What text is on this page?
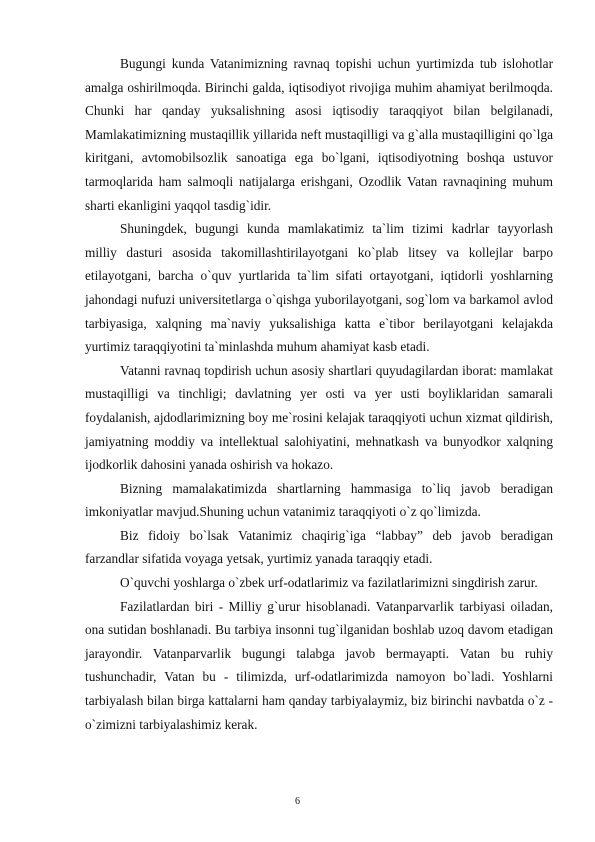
Bugungi kunda Vatanimizning ravnaq topishi uchun yurtimizda tub islohotlar amalga oshirilmoqda. Birinchi galda, iqtisodiyot rivojiga muhim ahamiyat berilmoqda. Chunki har qanday yuksalishning asosi iqtisodiy taraqqiyot bilan belgilanadi, Mamlakatimizning mustaqillik yillarida neft mustaqilligi va g`alla mustaqilligini qo`lga kiritgani, avtomobilsozlik sanoatiga ega bo`lgani, iqtisodiyotning boshqa ustuvor tarmoqlarida ham salmoqli natijalarga erishgani, Ozodlik Vatan ravnaqining muhum sharti ekanligini yaqqol tasdig`idir.

Shuningdek, bugungi kunda mamlakatimiz ta`lim tizimi kadrlar tayyorlash milliy dasturi asosida takomillashtirilayotgani ko`plab litsey va kollejlar barpo etilayotgani, barcha o`quv yurtlarida ta`lim sifati ortayotgani, iqtidorli yoshlarning jahondagi nufuzi universitetlarga o`qishga yuborilayotgani, sog`lom va barkamol avlod tarbiyasiga, xalqning ma`naviy yuksalishiga katta e`tibor berilayotgani kelajakda yurtimiz taraqqiyotini ta`minlashda muhum ahamiyat kasb etadi.

Vatanni ravnaq topdirish uchun asosiy shartlari quyudagilardan iborat: mamlakat mustaqilligi va tinchligi; davlatning yer osti va yer usti boyliklaridan samarali foydalanish, ajdodlarimizning boy me`rosini kelajak taraqqiyoti uchun xizmat qildirish, jamiyatning moddiy va intellektual salohiyatini, mehnatkash va bunyodkor xalqning ijodkorlik dahosini yanada oshirish va hokazo.

Bizning mamalakatimizda shartlarning hammasiga to`liq javob beradigan imkoniyatlar mavjud.Shuning uchun vatanimiz taraqqiyoti o`z qo`limizda.

Biz fidoiy bo`lsak Vatanimiz chaqirig`iga “labbay” deb javob beradigan farzandlar sifatida voyaga yetsak, yurtimiz yanada taraqqiy etadi.

O`quvchi yoshlarga o`zbek urf-odatlarimiz va fazilatlarimizni singdirish zarur.

Fazilatlardan biri - Milliy g`urur hisoblanadi. Vatanparvarlik tarbiyasi oiladan, ona sutidan boshlanadi. Bu tarbiya insonni tug`ilganidan boshlab uzoq davom etadigan jarayondir. Vatanparvarlik bugungi talabga javob bermayapti. Vatan bu ruhiy tushunchadir, Vatan bu - tilimizda, urf-odatlarimizda namoyon bo`ladi. Yoshlarni tarbiyalash bilan birga kattalarni ham qanday tarbiyalaymiz, biz birinchi navbatda o`z -o`zimizni tarbiyalashimiz kerak.

6
